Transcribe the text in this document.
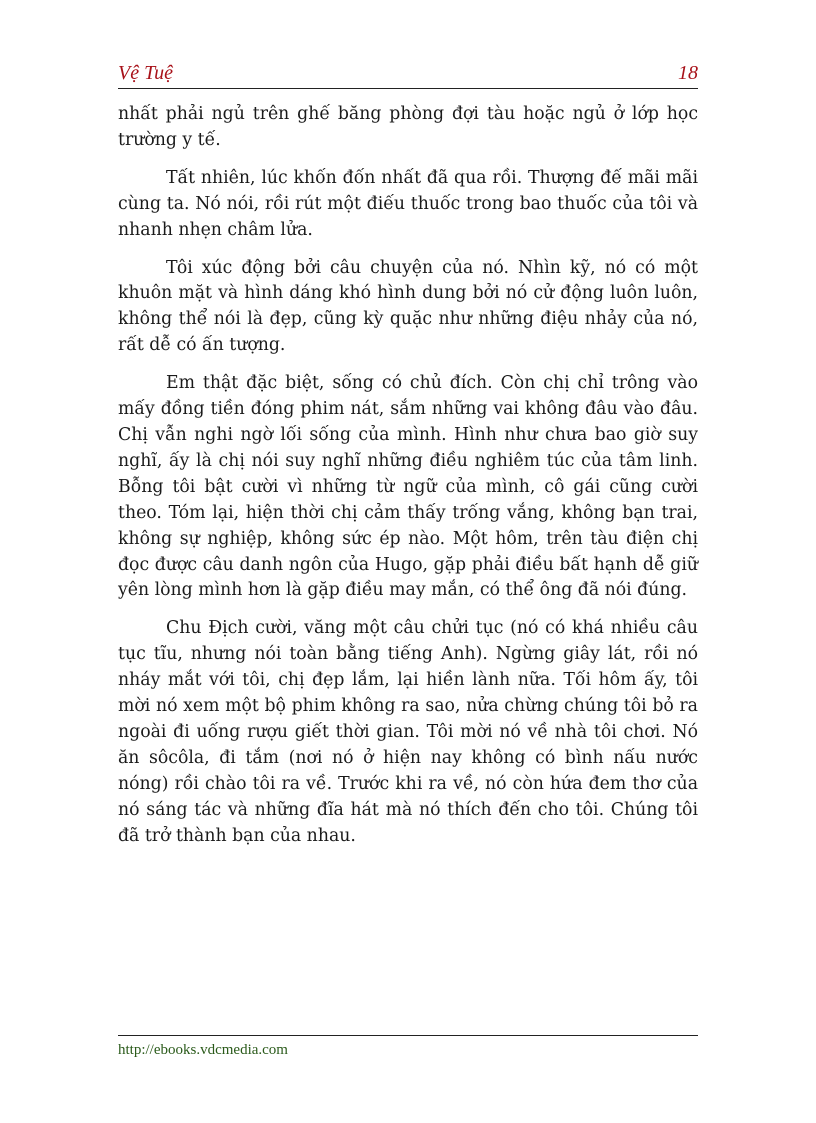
Vệ Tuệ	18

nhất phải ngủ trên ghế băng phòng đợi tàu hoặc ngủ ở lớp học trường y tế.

Tất nhiên, lúc khốn đốn nhất đã qua rồi. Thượng đế mãi mãi cùng ta. Nó nói, rồi rút một điếu thuốc trong bao thuốc của tôi và nhanh nhẹn châm lửa.

Tôi xúc động bởi câu chuyện của nó. Nhìn kỹ, nó có một khuôn mặt và hình dáng khó hình dung bởi nó cử động luôn luôn, không thể nói là đẹp, cũng kỳ quặc như những điệu nhảy của nó, rất dễ có ấn tượng.

Em thật đặc biệt, sống có chủ đích. Còn chị chỉ trông vào mấy đồng tiền đóng phim nát, sắm những vai không đâu vào đâu. Chị vẫn nghi ngờ lối sống của mình. Hình như chưa bao giờ suy nghĩ, ấy là chị nói suy nghĩ những điều nghiêm túc của tâm linh. Bỗng tôi bật cười vì những từ ngữ của mình, cô gái cũng cười theo. Tóm lại, hiện thời chị cảm thấy trống vắng, không bạn trai, không sự nghiệp, không sức ép nào. Một hôm, trên tàu điện chị đọc được câu danh ngôn của Hugo, gặp phải điều bất hạnh dễ giữ yên lòng mình hơn là gặp điều may mắn, có thể ông đã nói đúng.

Chu Địch cười, văng một câu chửi tục (nó có khá nhiều câu tục tĩu, nhưng nói toàn bằng tiếng Anh). Ngừng giây lát, rồi nó nháy mắt với tôi, chị đẹp lắm, lại hiền lành nữa. Tối hôm ấy, tôi mời nó xem một bộ phim không ra sao, nửa chừng chúng tôi bỏ ra ngoài đi uống rượu giết thời gian. Tôi mời nó về nhà tôi chơi. Nó ăn sôcôla, đi tắm (nơi nó ở hiện nay không có bình nấu nước nóng) rồi chào tôi ra về. Trước khi ra về, nó còn hứa đem thơ của nó sáng tác và những đĩa hát mà nó thích đến cho tôi. Chúng tôi đã trở thành bạn của nhau.

http://ebooks.vdcmedia.com
